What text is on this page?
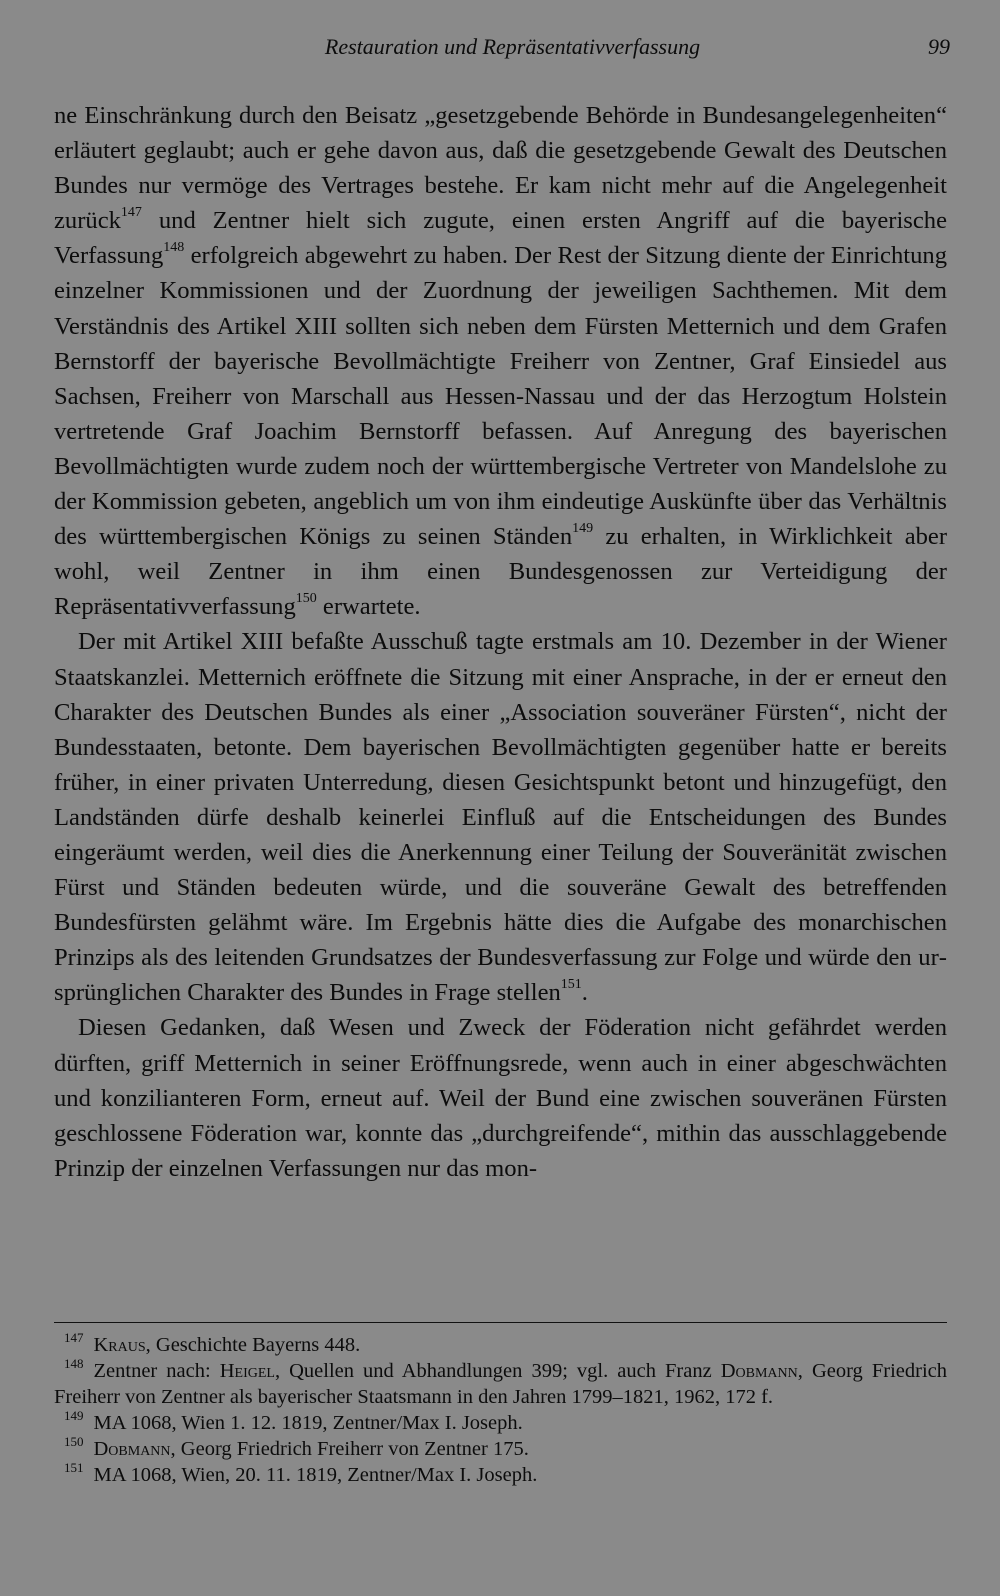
Restauration und Repräsentativverfassung	99

ne Einschränkung durch den Beisatz „gesetzgebende Behörde in Bundesangelegenheiten“ erläutert geglaubt; auch er gehe davon aus, daß die gesetzgebende Gewalt des Deutschen Bundes nur vermöge des Vertrages bestehe. Er kam nicht mehr auf die Angelegenheit zurück$^{147}$ und Zentner hielt sich zugute, einen ersten Angriff auf die bayerische Verfassung$^{148}$ erfolgreich abgewehrt zu haben. Der Rest der Sitzung diente der Einrichtung einzelner Kommissionen und der Zuordnung der jeweiligen Sachthemen. Mit dem Verständnis des Artikel XIII sollten sich neben dem Fürsten Metternich und dem Grafen Bernstorff der bayerische Bevollmächtigte Freiherr von Zentner, Graf Einsiedel aus Sachsen, Freiherr von Marschall aus Hessen-Nassau und der das Herzogtum Holstein vertretende Graf Joachim Bernstorff befassen. Auf Anregung des bayerischen Bevollmächtigten wurde zudem noch der württembergische Vertreter von Mandelslohe zu der Kommission gebeten, angeblich um von ihm eindeutige Auskünfte über das Verhältnis des württembergischen Königs zu seinen Ständen$^{149}$ zu erhalten, in Wirklichkeit aber wohl, weil Zentner in ihm einen Bundesgenossen zur Verteidigung der Repräsentativverfassung$^{150}$ erwartete.

Der mit Artikel XIII befaßte Ausschuß tagte erstmals am 10. Dezember in der Wiener Staatskanzlei. Metternich eröffnete die Sitzung mit einer Ansprache, in der er erneut den Charakter des Deutschen Bundes als einer „Association souveräner Fürsten“, nicht der Bundesstaaten, betonte. Dem bayerischen Bevollmächtigten gegenüber hatte er bereits früher, in einer privaten Unterredung, diesen Gesichtspunkt betont und hinzugefügt, den Landständen dürfe deshalb keinerlei Einfluß auf die Entscheidungen des Bundes eingeräumt werden, weil dies die Anerkennung einer Teilung der Souveränität zwischen Fürst und Ständen bedeuten würde, und die souveräne Gewalt des betreffenden Bundesfürsten gelähmt wäre. Im Ergebnis hätte dies die Aufgabe des monarchischen Prinzips als des leitenden Grundsatzes der Bundesverfassung zur Folge und würde den ursprünglichen Charakter des Bundes in Frage stellen$^{151}$.

Diesen Gedanken, daß Wesen und Zweck der Föderation nicht gefährdet werden dürften, griff Metternich in seiner Eröffnungsrede, wenn auch in einer abgeschwächten und konzilianteren Form, erneut auf. Weil der Bund eine zwischen souveränen Fürsten geschlossene Föderation war, konnte das „durchgreifende“, mithin das ausschlaggebende Prinzip der einzelnen Verfassungen nur das mon-

$^{147}$ Kraus, Geschichte Bayerns 448.

$^{148}$ Zentner nach: Heigel, Quellen und Abhandlungen 399; vgl. auch Franz Dobmann, Georg Friedrich Freiherr von Zentner als bayerischer Staatsmann in den Jahren 1799–1821, 1962, 172 f.

$^{149}$ MA 1068, Wien 1. 12. 1819, Zentner/Max I. Joseph.

$^{150}$ Dobmann, Georg Friedrich Freiherr von Zentner 175.

$^{151}$ MA 1068, Wien, 20. 11. 1819, Zentner/Max I. Joseph.
